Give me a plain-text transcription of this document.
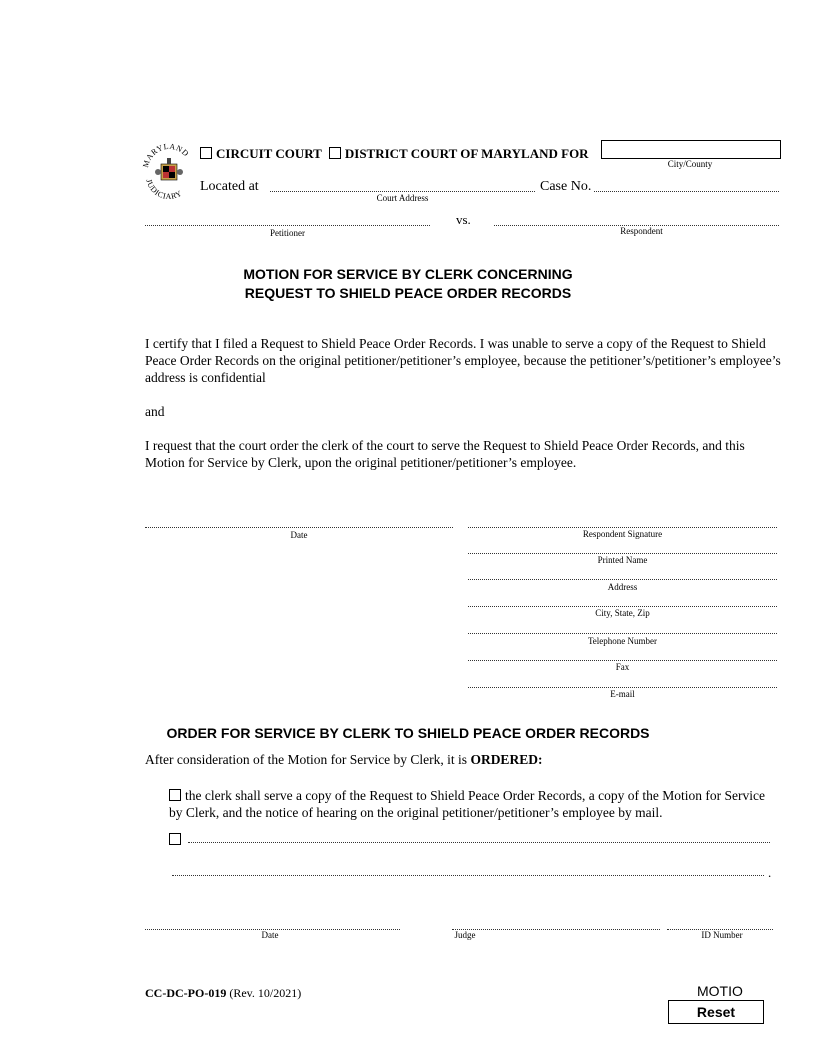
MARYLAND
JUDICIARY
CIRCUIT COURT DISTRICT COURT OF MARYLAND FOR
City/County
Located at
Court Address
Case No.
Petitioner
vs.
Respondent
MOTION FOR SERVICE BY CLERK CONCERNING
REQUEST TO SHIELD PEACE ORDER RECORDS
I certify that I filed a Request to Shield Peace Order Records. I was unable to serve a copy of the Request to Shield Peace Order Records on the original petitioner/petitioner’s employee, because the petitioner’s/petitioner’s employee’s address is confidential
and
I request that the court order the clerk of the court to serve the Request to Shield Peace Order Records, and this Motion for Service by Clerk, upon the original petitioner/petitioner’s employee.
Date	Respondent Signature
Printed Name
Address
City, State, Zip
Telephone Number
Fax
E-mail
ORDER FOR SERVICE BY CLERK TO SHIELD PEACE ORDER RECORDS
After consideration of the Motion for Service by Clerk, it is ORDERED:
the clerk shall serve a copy of the Request to Shield Peace Order Records, a copy of the Motion for Service by Clerk, and the notice of hearing on the original petitioner/petitioner’s employee by mail.
.
Date	Judge	ID Number
CC-DC-PO-019 (Rev. 10/2021)	MOTIO
Reset
